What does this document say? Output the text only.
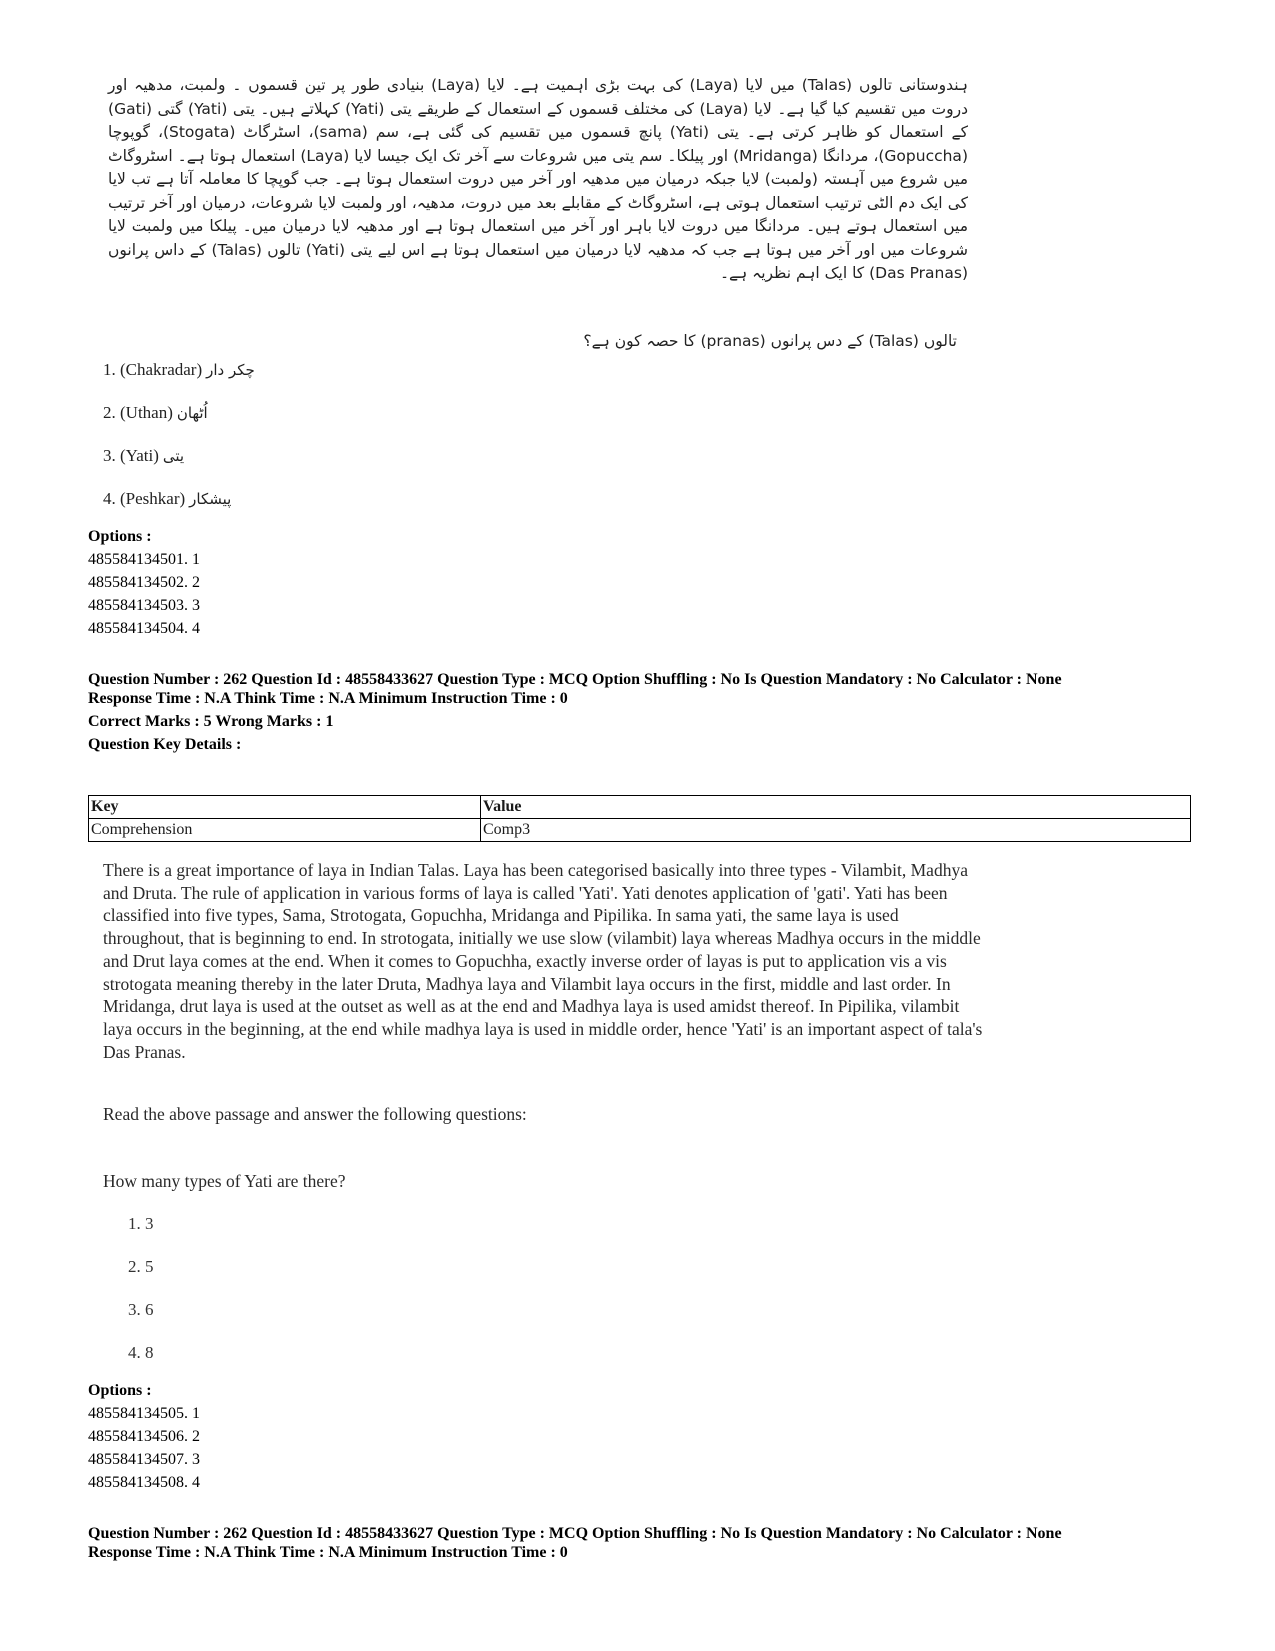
ہندوستانی تالوں (Talas) میں لایا (Laya) کی بہت بڑی اہمیت ہے۔ لایا (Laya) بنیادی طور پر تین قسموں ۔ ولمبت، مدھیہ اور دروت میں تقسیم کیا گیا ہے۔ لایا (Laya) کی مختلف قسموں کے استعمال کے طریقے یتی (Yati) کہلاتے ہیں۔ یتی (Yati) گتی (Gati) کے استعمال کو ظاہر کرتی ہے۔ یتی (Yati) پانچ قسموں میں تقسیم کی گئی ہے، سم (sama)، اسٹرگاٹ (Stogata)، گوپوچا (Gopuccha)، مردانگا (Mridanga) اور پیلکا۔ سم یتی میں شروعات سے آخر تک ایک جیسا لایا (Laya) استعمال ہوتا ہے۔ اسٹروگاٹ میں شروع میں آہستہ (ولمبت) لایا جبکہ درمیان میں مدھیہ اور آخر میں دروت استعمال ہوتا ہے۔ جب گوپچا کا معاملہ آتا ہے تب لایا کی ایک دم الٹی ترتیب استعمال ہوتی ہے، اسٹروگاٹ کے مقابلے بعد میں دروت، مدھیہ، اور ولمبت لایا شروعات، درمیان اور آخر ترتیب میں استعمال ہوتے ہیں۔ مردانگا میں دروت لایا باہر اور آخر میں استعمال ہوتا ہے اور مدھیہ لایا درمیان میں۔ پیلکا میں ولمبت لایا شروعات میں اور آخر میں ہوتا ہے جب کہ مدھیہ لایا درمیان میں استعمال ہوتا ہے اس لیے یتی (Yati) تالوں (Talas) کے داس پرانوں (Das Pranas) کا ایک اہم نظریہ ہے۔
تالوں (Talas) کے دس پرانوں (pranas) کا حصہ کون ہے؟
1. (Chakradar) چکر دار
2. (Uthan) اُٹھان
3. (Yati) یتی
4. (Peshkar) پیشکار
Options :
485584134501. 1
485584134502. 2
485584134503. 3
485584134504. 4
Question Number : 262 Question Id : 48558433627 Question Type : MCQ Option Shuffling : No Is Question Mandatory : No Calculator : None
Response Time : N.A Think Time : N.A Minimum Instruction Time : 0
Correct Marks : 5 Wrong Marks : 1
Question Key Details :
Key	Value
Comprehension	Comp3
There is a great importance of laya in Indian Talas. Laya has been categorised basically into three types - Vilambit, Madhya and Druta. The rule of application in various forms of laya is called 'Yati'. Yati denotes application of 'gati'. Yati has been classified into five types, Sama, Strotogata, Gopuchha, Mridanga and Pipilika. In sama yati, the same laya is used throughout, that is beginning to end. In strotogata, initially we use slow (vilambit) laya whereas Madhya occurs in the middle and Drut laya comes at the end. When it comes to Gopuchha, exactly inverse order of layas is put to application vis a vis strotogata meaning thereby in the later Druta, Madhya laya and Vilambit laya occurs in the first, middle and last order. In Mridanga, drut laya is used at the outset as well as at the end and Madhya laya is used amidst thereof. In Pipilika, vilambit laya occurs in the beginning, at the end while madhya laya is used in middle order, hence 'Yati' is an important aspect of tala's Das Pranas.
Read the above passage and answer the following questions:
How many types of Yati are there?
1. 3
2. 5
3. 6
4. 8
Options :
485584134505. 1
485584134506. 2
485584134507. 3
485584134508. 4
Question Number : 262 Question Id : 48558433627 Question Type : MCQ Option Shuffling : No Is Question Mandatory : No Calculator : None
Response Time : N.A Think Time : N.A Minimum Instruction Time : 0
